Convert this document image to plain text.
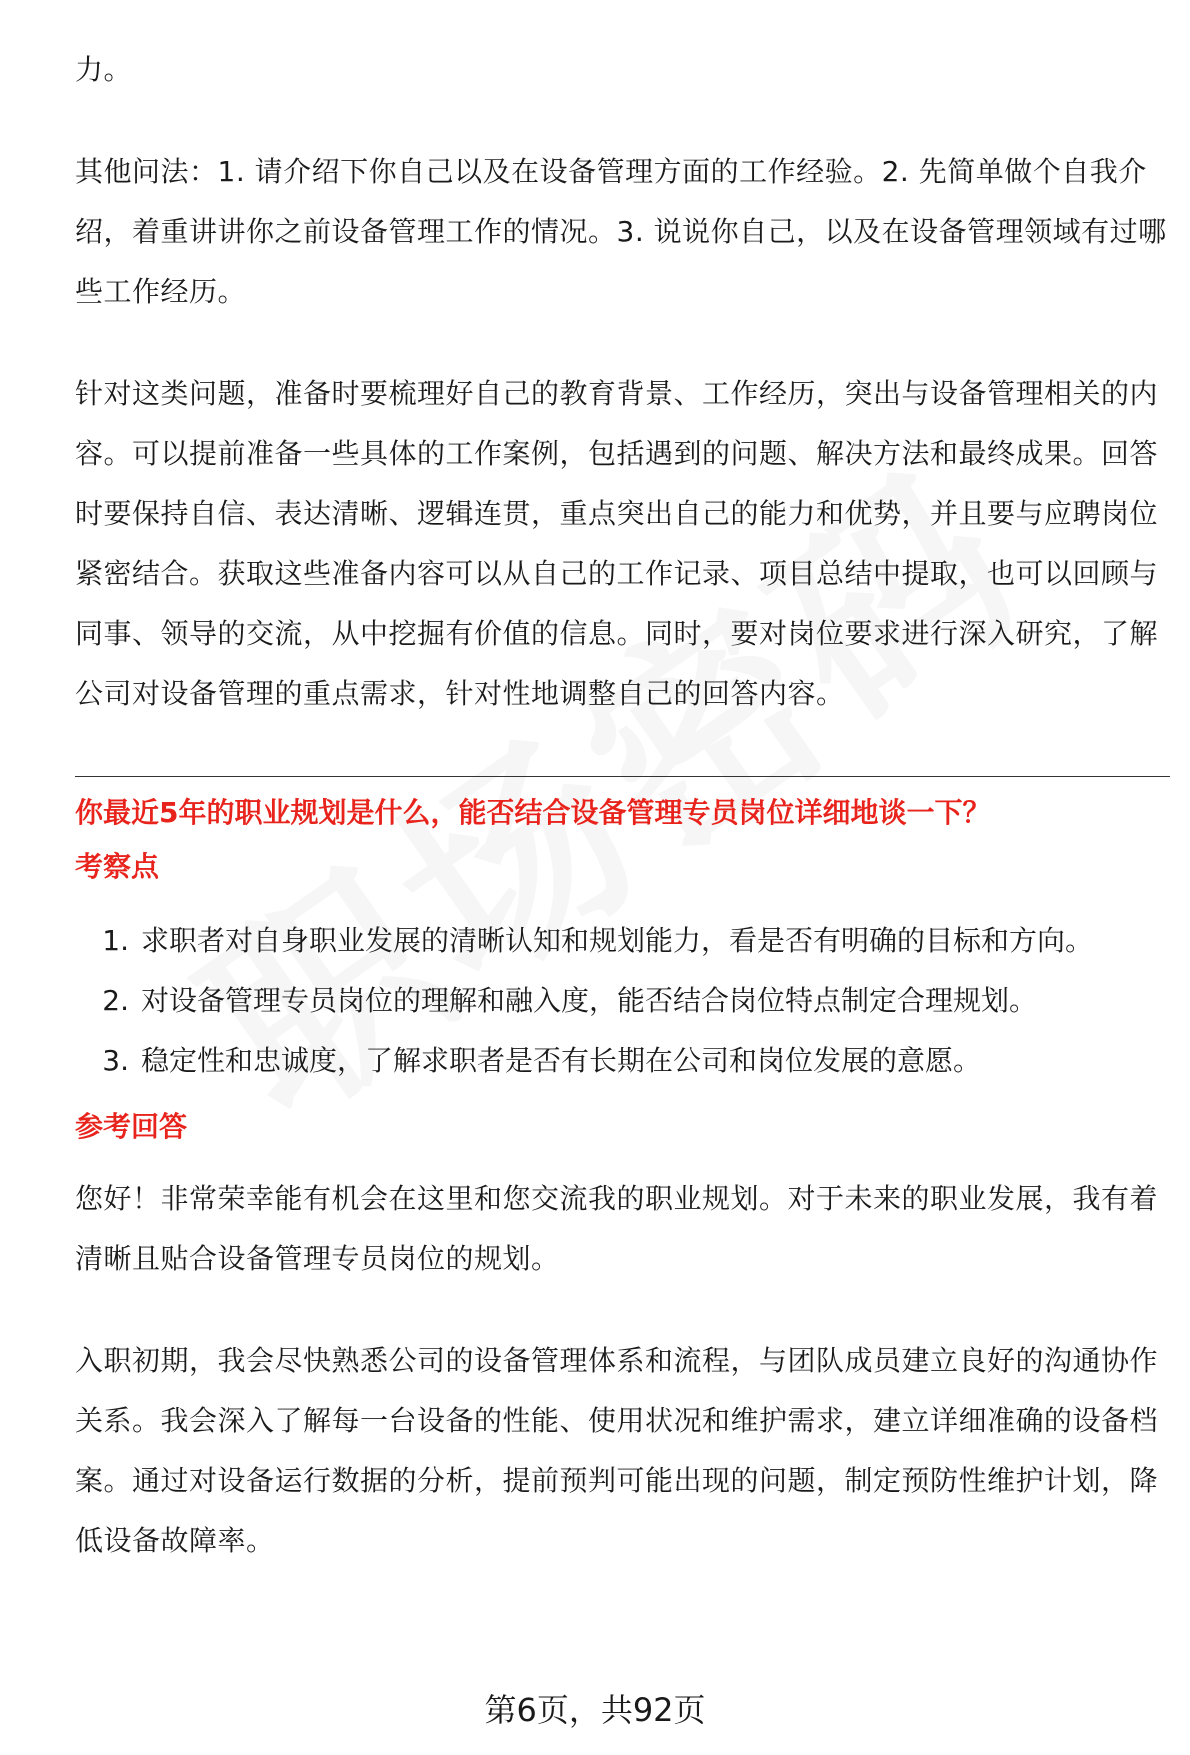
力。

其他问法：1. 请介绍下你自己以及在设备管理方面的工作经验。2. 先简单做个自我介绍，着重讲讲你之前设备管理工作的情况。3. 说说你自己，以及在设备管理领域有过哪些工作经历。

针对这类问题，准备时要梳理好自己的教育背景、工作经历，突出与设备管理相关的内容。可以提前准备一些具体的工作案例，包括遇到的问题、解决方法和最终成果。回答时要保持自信、表达清晰、逻辑连贯，重点突出自己的能力和优势，并且要与应聘岗位紧密结合。获取这些准备内容可以从自己的工作记录、项目总结中提取，也可以回顾与同事、领导的交流，从中挖掘有价值的信息。同时，要对岗位要求进行深入研究，了解公司对设备管理的重点需求，针对性地调整自己的回答内容。

你最近5年的职业规划是什么，能否结合设备管理专员岗位详细地谈一下？

考察点

1. 求职者对自身职业发展的清晰认知和规划能力，看是否有明确的目标和方向。
2. 对设备管理专员岗位的理解和融入度，能否结合岗位特点制定合理规划。
3. 稳定性和忠诚度，了解求职者是否有长期在公司和岗位发展的意愿。

参考回答

您好！非常荣幸能有机会在这里和您交流我的职业规划。对于未来的职业发展，我有着清晰且贴合设备管理专员岗位的规划。

入职初期，我会尽快熟悉公司的设备管理体系和流程，与团队成员建立良好的沟通协作关系。我会深入了解每一台设备的性能、使用状况和维护需求，建立详细准确的设备档案。通过对设备运行数据的分析，提前预判可能出现的问题，制定预防性维护计划，降低设备故障率。

第6页，共92页
